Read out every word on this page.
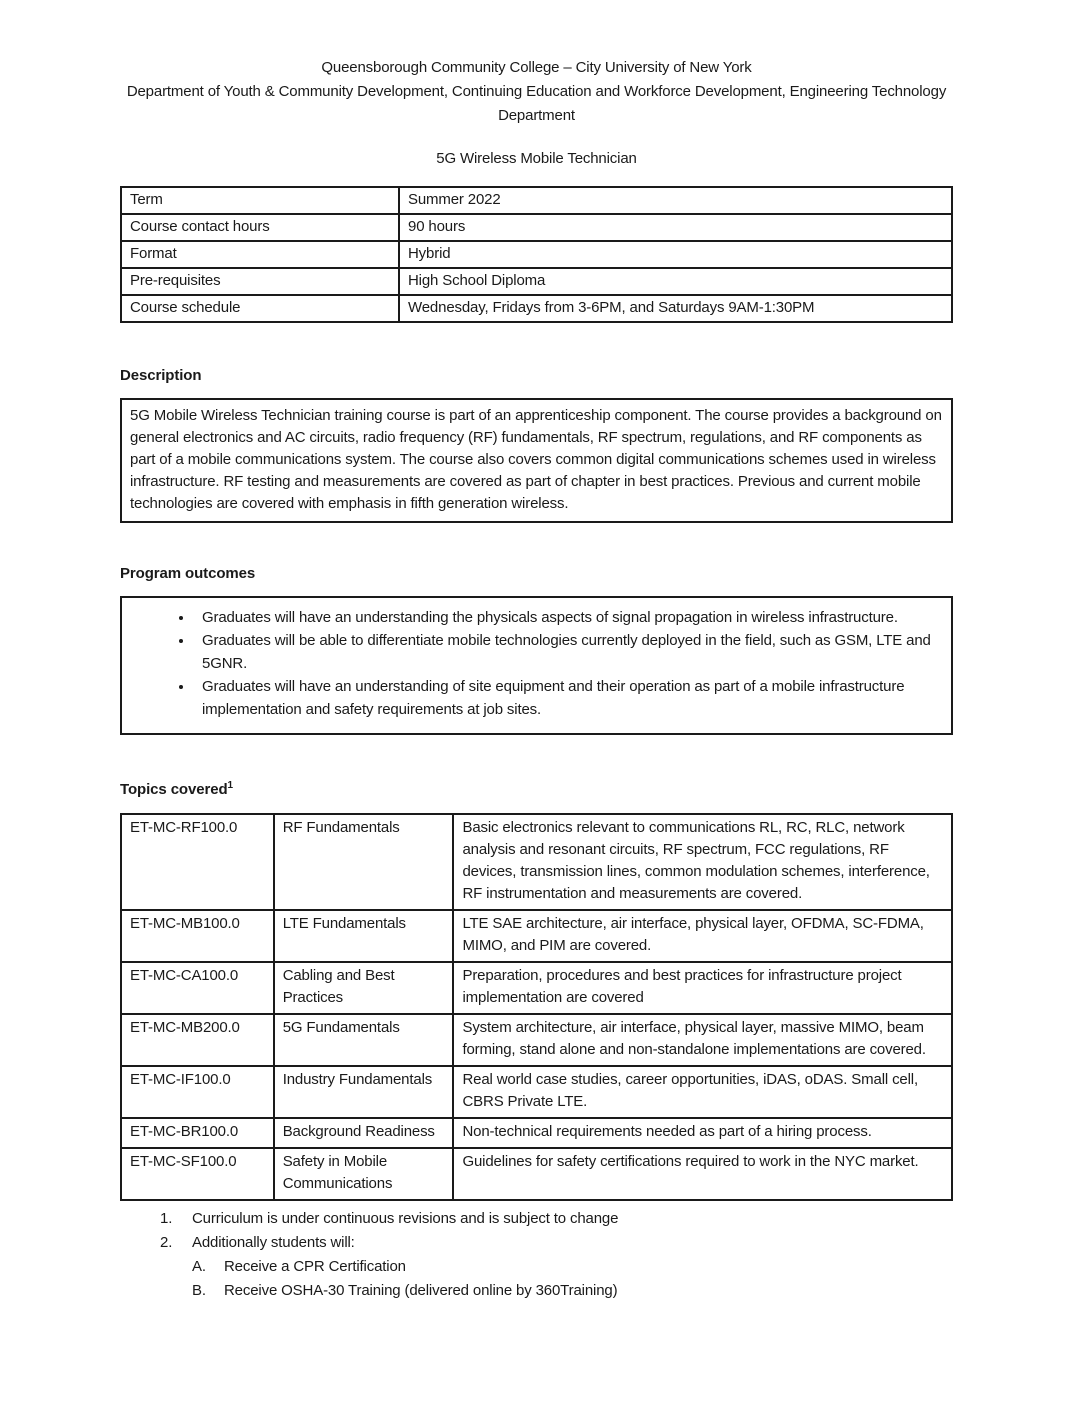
Queensborough Community College – City University of New York

Department of Youth & Community Development, Continuing Education and Workforce Development, Engineering Technology Department

5G Wireless Mobile Technician

Term	Summer 2022
Course contact hours	90 hours
Format	Hybrid
Pre-requisites	High School Diploma
Course schedule	Wednesday, Fridays from 3-6PM, and Saturdays 9AM-1:30PM
Description

5G Mobile Wireless Technician training course is part of an apprenticeship component. The course provides a background on general electronics and AC circuits, radio frequency (RF) fundamentals, RF spectrum, regulations, and RF components as part of a mobile communications system. The course also covers common digital communications schemes used in wireless infrastructure. RF testing and measurements are covered as part of chapter in best practices. Previous and current mobile technologies are covered with emphasis in fifth generation wireless.

Program outcomes
• Graduates will have an understanding the physicals aspects of signal propagation in wireless infrastructure.
• Graduates will be able to differentiate mobile technologies currently deployed in the field, such as GSM, LTE and 5GNR.
• Graduates will have an understanding of site equipment and their operation as part of a mobile infrastructure implementation and safety requirements at job sites.
Topics covered$^1$
ET-MC-RF100.0	RF Fundamentals	Basic electronics relevant to communications RL, RC, RLC, network analysis and resonant circuits, RF spectrum, FCC regulations, RF devices, transmission lines, common modulation schemes, interference, RF instrumentation and measurements are covered.
ET-MC-MB100.0	LTE Fundamentals	LTE SAE architecture, air interface, physical layer, OFDMA, SC-FDMA, MIMO, and PIM are covered.
ET-MC-CA100.0	Cabling and Best Practices	Preparation, procedures and best practices for infrastructure project implementation are covered
ET-MC-MB200.0	5G Fundamentals	System architecture, air interface, physical layer, massive MIMO, beam forming, stand alone and non-standalone implementations are covered.
ET-MC-IF100.0	Industry Fundamentals	Real world case studies, career opportunities, iDAS, oDAS. Small cell, CBRS Private LTE.
ET-MC-BR100.0	Background Readiness	Non-technical requirements needed as part of a hiring process.
ET-MC-SF100.0	Safety in Mobile Communications	Guidelines for safety certifications required to work in the NYC market.
1.	Curriculum is under continuous revisions and is subject to change
2.	Additionally students will:
A.	Receive a CPR Certification
B.	Receive OSHA-30 Training (delivered online by 360Training)
